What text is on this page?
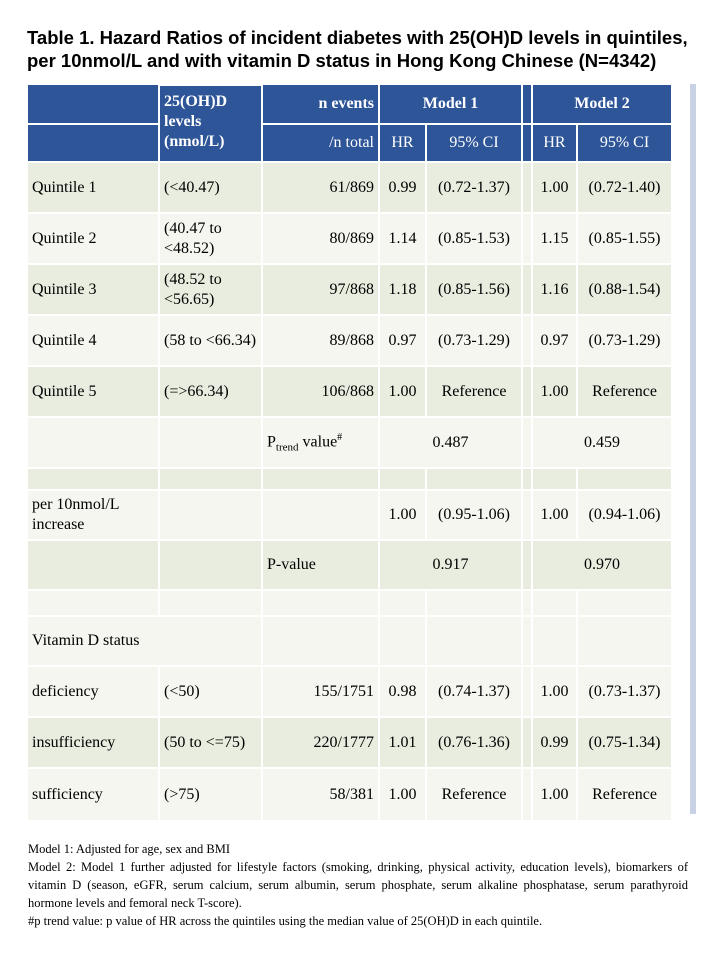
Table 1. Hazard Ratios of incident diabetes with 25(OH)D levels in quintiles,
per 10nmol/L and with vitamin D status in Hong Kong Chinese (N=4342)
	25(OH)D levels (nmol/L)	n events	Model 1			Model 2	
		/n total	HR	95% CI		HR	95% CI
Quintile 1	(<40.47)	61/869	0.99	(0.72-1.37)		1.00	(0.72-1.40)
Quintile 2	(40.47 to <48.52)	80/869	1.14	(0.85-1.53)		1.15	(0.85-1.55)
Quintile 3	(48.52 to <56.65)	97/868	1.18	(0.85-1.56)		1.16	(0.88-1.54)
Quintile 4	(58 to <66.34)	89/868	0.97	(0.73-1.29)		0.97	(0.73-1.29)
Quintile 5	(=>66.34)	106/868	1.00	Reference		1.00	Reference
		$P_{trend}$ value#	0.487			0.459	

per 10nmol/L increase			1.00	(0.95-1.06)		1.00	(0.94-1.06)
		P-value	0.917			0.970	

Vitamin D status							
deficiency	(<50)	155/1751	0.98	(0.74-1.37)		1.00	(0.73-1.37)
insufficiency	(50 to <=75)	220/1777	1.01	(0.76-1.36)		0.99	(0.75-1.34)
sufficiency	(>75)	58/381	1.00	Reference		1.00	Reference
Model 1: Adjusted for age, sex and BMI
Model 2: Model 1 further adjusted for lifestyle factors (smoking, drinking, physical activity, education levels), biomarkers of vitamin D (season, eGFR, serum calcium, serum albumin, serum phosphate, serum alkaline phosphatase, serum parathyroid hormone levels and femoral neck T-score).
#p trend value: p value of HR across the quintiles using the median value of 25(OH)D in each quintile.
